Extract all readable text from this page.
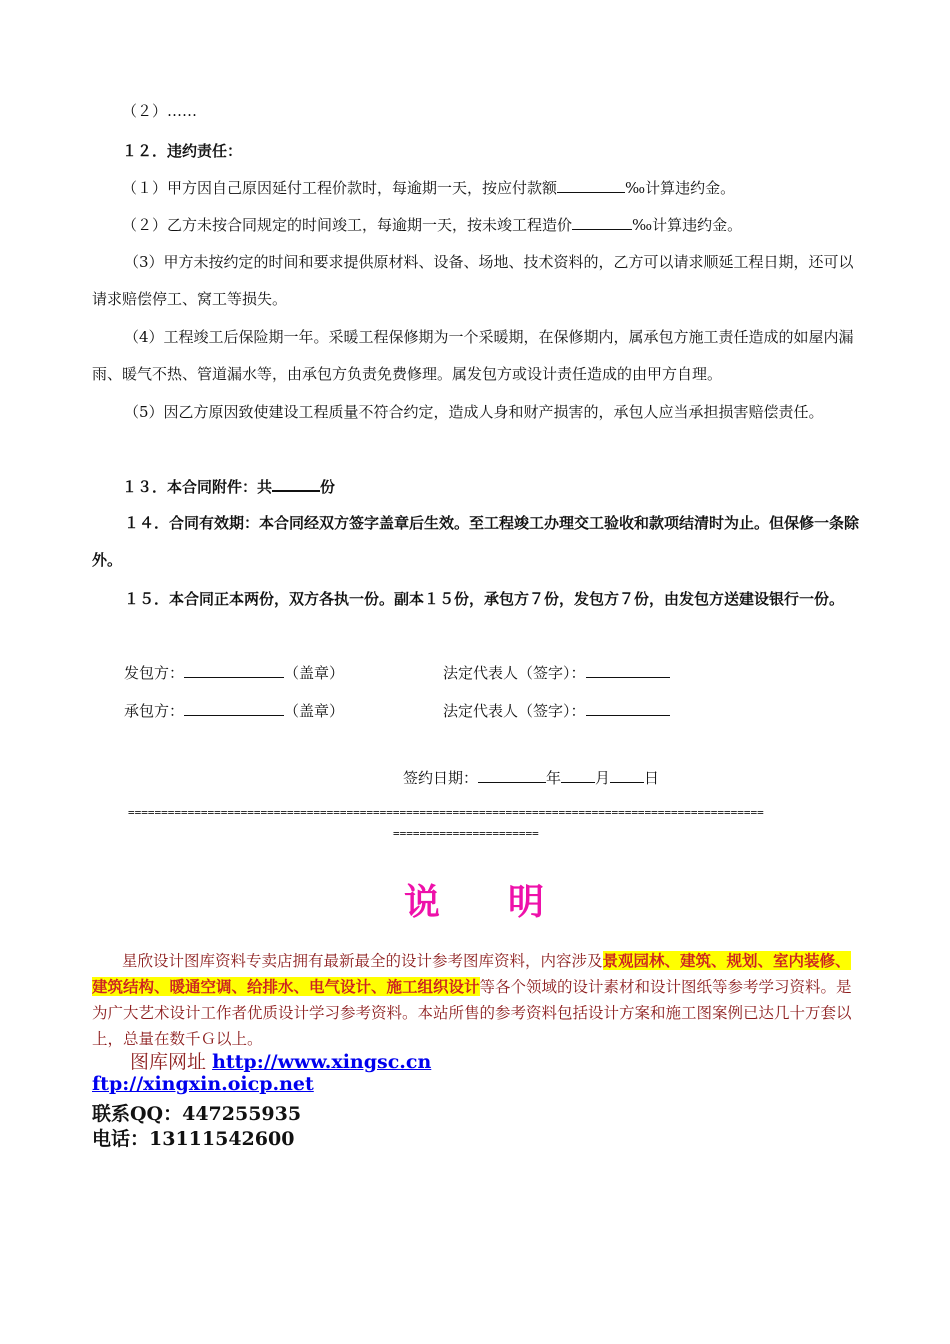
（２）……
１２．违约责任：
（１）甲方因自己原因延付工程价款时，每逾期一天，按应付款额	‰计算违约金。
（２）乙方未按合同规定的时间竣工，每逾期一天，按未竣工程造价	‰计算违约金。
（3）甲方未按约定的时间和要求提供原材料、设备、场地、技术资料的，乙方可以请求顺延工程日期，还可以请求赔偿停工、窝工等损失。
（4）工程竣工后保险期一年。采暖工程保修期为一个采暖期，在保修期内，属承包方施工责任造成的如屋内漏雨、暖气不热、管道漏水等，由承包方负责免费修理。属发包方或设计责任造成的由甲方自理。
（5）因乙方原因致使建设工程质量不符合约定，造成人身和财产损害的，承包人应当承担损害赔偿责任。
１３．本合同附件：共	份
１４．合同有效期：本合同经双方签字盖章后生效。至工程竣工办理交工验收和款项结清时为止。但保修一条除外。
１５．本合同正本两份，双方各执一份。副本１５份，承包方７份，发包方７份，由发包方送建设银行一份。
发包方：	（盖章）	法定代表人（签字）：
承包方：	（盖章）	法定代表人（签字）：
签约日期：	年 月 日
================================================================================================
======================
说 明
星欣设计图库资料专卖店拥有最新最全的设计参考图库资料，内容涉及景观园林、建筑、规划、室内装修、建筑结构、暖通空调、给排水、电气设计、施工组织设计等各个领域的设计素材和设计图纸等参考学习资料。是为广大艺术设计工作者优质设计学习参考资料。本站所售的参考资料包括设计方案和施工图案例已达几十万套以上，总量在数千Ｇ以上。
图库网址 http://www.xingsc.cn
ftp://xingxin.oicp.net
联系QQ：447255935
电话：13111542600
